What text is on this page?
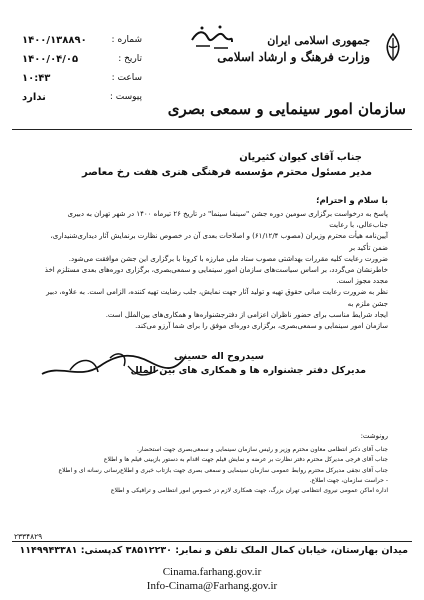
جمهوری اسلامی ایران
وزارت فرهنگ و ارشاد اسلامی
سازمان امور سینمایی و سمعی بصری
۱۴۰۰/۱۳۸۸۹۰	شماره :
۱۴۰۰/۰۴/۰۵	تاریخ :
۱۰:۴۳	ساعت :
ندارد	پیوست :
جناب آقای کیوان کثیریان
مدیر مسئول محترم مؤسسه فرهنگی هنری هفت رخ معاصر
با سلام و احترام؛
پاسخ به درخواست برگزاری سومین دوره جشن "سینما سینما" در تاریخ ۲۶ تیرماه ۱۴۰۰ در شهر تهران به دبیری جناب‌عالی، با رعایت
آیین‌نامه هیأت محترم وزیران (مصوب ۶۱/۱۲/۴) و اصلاحات بعدی آن در خصوص نظارت برنمایش آثار دیداری‌شنیداری، ضمن تأکید بر
ضرورت رعایت کلیه مقررات بهداشتی مصوب ستاد ملی مبارزه با کرونا با برگزاری این جشن موافقت می‌شود.
خاطرنشان می‌گردد، بر اساس سیاست‌های سازمان امور سینمایی و سمعی‌بصری، برگزاری دوره‌های بعدی مستلزم اخذ مجدد مجوز است.
نظر به ضرورت رعایت مبانی حقوق تهیه و تولید آثار جهت نمایش، جلب رضایت تهیه کننده، الزامی است. به علاوه، دبیر جشن ملزم به
ایجاد شرایط مناسب برای حضور ناظران اعزامی از دفترجشنواره‌ها و همکاری‌های بین‌الملل است.
سازمان امور سینمایی و سمعی‌بصری، برگزاری دوره‌ای موفق را برای شما آرزو می‌کند.
سیدروح اله حسینی
مدیرکل دفتر جشنواره ها و همکاری های بین الملل
رونوشت:
جناب آقای دکتر انتظامی معاون محترم وزیر و رئیس سازمان سینمایی و سمعی‌بصری جهت استحضار.
جناب آقای فرجی مدیرکل محترم دفتر نظارت بر عرضه و نمایش فیلم جهت اقدام به دستور بازبینی فیلم ها و اطلاع
جناب آقای نجفی مدیرکل محترم روابط عمومی سازمان سینمایی و سمعی بصری جهت بازتاب خبری و اطلاع‌رسانی رسانه ای و اطلاع
- حراست سازمان، جهت اطلاع.
اداره اماکن عمومی نیروی انتظامی تهران بزرگ، جهت همکاری لازم در خصوص امور انتظامی و ترافیکی و اطلاع
۲۳۳۴۸۲۹
میدان بهارستان، خیابان کمال الملک تلفن و نمابر: ۳۸۵۱۲۲۳۰ کدپستی: ۱۱۴۹۹۴۳۳۸۱
Cinama.farhang.gov.ir
Info-Cinama@Farhang.gov.ir
